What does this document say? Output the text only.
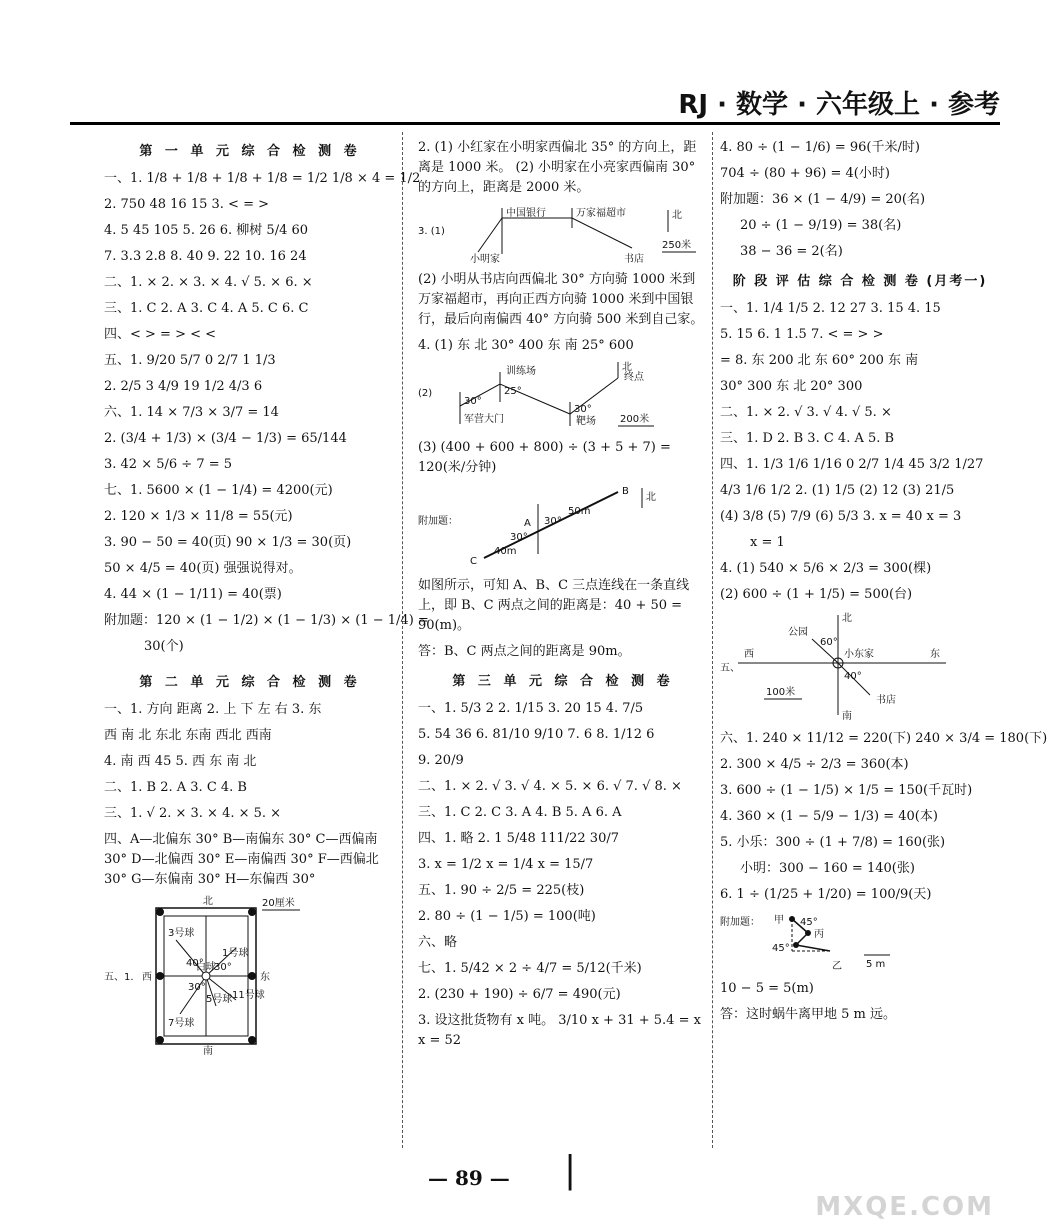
RJ · 数学 · 六年级上 · 参考
第 一 单 元 综 合 检 测 卷
一、1. 1/8 + 1/8 + 1/8 + 1/8 = 1/2 1/8 × 4 = 1/2
2. 750 48 16 15 3. < = >
4. 5 45 105 5. 26 6. 柳树 5/4 60
7. 3.3 2.8 8. 40 9. 22 10. 16 24
二、1. × 2. × 3. × 4. √ 5. × 6. ×
三、1. C 2. A 3. C 4. A 5. C 6. C
四、< > = > < <
五、1. 9/20 5/7 0 2/7 1 1/3
2. 2/5 3 4/9 19 1/2 4/3 6
六、1. 14 × 7/3 × 3/7 = 14
2. (3/4 + 1/3) × (3/4 − 1/3) = 65/144
3. 42 × 5/6 ÷ 7 = 5
七、1. 5600 × (1 − 1/4) = 4200(元)
2. 120 × 1/3 × 11/8 = 55(元)
3. 90 − 50 = 40(页) 90 × 1/3 = 30(页)
50 × 4/5 = 40(页) 强强说得对。
4. 44 × (1 − 1/11) = 40(票)
附加题：120 × (1 − 1/2) × (1 − 1/3) × (1 − 1/4) =
30(个)
第 二 单 元 综 合 检 测 卷
一、1. 方向 距离 2. 上 下 左 右 3. 东
西 南 北 东北 东南 西北 西南
4. 南 西 45 5. 西 东 南 北
二、1. B 2. A 3. C 4. B
三、1. √ 2. × 3. × 4. × 5. ×
四、A—北偏东 30° B—南偏东 30° C—西偏南 30° D—北偏西 30° E—南偏西 30° F—西偏北 30° G—东偏南 30° H—东偏西 30°
五、1.
北
南
西	东
20厘米
白球
1号球
3号球
5号球
7号球
11号球
40° 30°
30°
2. (1) 小红家在小明家西偏北 35° 的方向上，距离是 1000 米。 (2) 小明家在小亮家西偏南 30° 的方向上，距离是 2000 米。
3. (1)
中国银行	万家福超市
小明家	书店
北
250米
(2) 小明从书店向西偏北 30° 方向骑 1000 米到万家福超市，再向正西方向骑 1000 米到中国银行，最后向南偏西 40° 方向骑 500 米到自己家。
4. (1) 东 北 30° 400 东 南 25° 600
(2)
训练场
终点
军营大门	靶场
25°
30°
30°
北
200米
(3) (400 + 600 + 800) ÷ (3 + 5 + 7) = 120(米/分钟)
附加题：	A
B
C
30°
30°
50m
40m
北
如图所示，可知 A、B、C 三点连线在一条直线上，即 B、C 两点之间的距离是：40 + 50 = 90(m)。
答：B、C 两点之间的距离是 90m。
第 三 单 元 综 合 检 测 卷
一、1. 5/3 2 2. 1/15 3. 20 15 4. 7/5
5. 54 36 6. 81/10 9/10 7. 6 8. 1/12 6
9. 20/9
二、1. × 2. √ 3. √ 4. × 5. × 6. √ 7. √ 8. ×
三、1. C 2. C 3. A 4. B 5. A 6. A
四、1. 略 2. 1 5/48 111/22 30/7
3. x = 1/2 x = 1/4 x = 15/7
五、1. 90 ÷ 2/5 = 225(枝)
2. 80 ÷ (1 − 1/5) = 100(吨)
六、略
七、1. 5/42 × 2 ÷ 4/7 = 5/12(千米)
2. (230 + 190) ÷ 6/7 = 490(元)
3. 设这批货物有 x 吨。 3/10 x + 31 + 5.4 = x x = 52
4. 80 ÷ (1 − 1/6) = 96(千米/时)
704 ÷ (80 + 96) = 4(小时)
附加题：36 × (1 − 4/9) = 20(名)
20 ÷ (1 − 9/19) = 38(名)
38 − 36 = 2(名)
阶 段 评 估 综 合 检 测 卷 (月考一)
一、1. 1/4 1/5 2. 12 27 3. 15 4. 15
5. 15 6. 1 1.5 7. < = > >
= 8. 东 200 北 东 60° 200 东 南
30° 300 东 北 20° 300
二、1. × 2. √ 3. √ 4. √ 5. ×
三、1. D 2. B 3. C 4. A 5. B
四、1. 1/3 1/6 1/16 0 2/7 1/4 45 3/2 1/27
4/3 1/6 1/2 2. (1) 1/5 (2) 12 (3) 21/5
(4) 3/8 (5) 7/9 (6) 5/3 3. x = 40 x = 3
x = 1
4. (1) 540 × 5/6 × 2/3 = 300(棵)
(2) 600 ÷ (1 + 1/5) = 500(台)
五、
北
南
西	东
小东家
公园
书店
60°
40°
100米
六、1. 240 × 11/12 = 220(下) 240 × 3/4 = 180(下)
2. 300 × 4/5 ÷ 2/3 = 360(本)
3. 600 ÷ (1 − 1/5) × 1/5 = 150(千瓦时)
4. 360 × (1 − 5/9 − 1/3) = 40(本)
5. 小乐：300 ÷ (1 + 7/8) = 160(张)
小明：300 − 160 = 140(张)
6. 1 ÷ (1/25 + 1/20) = 100/9(天)
附加题： 甲
乙
丙
45°
45°
5 m
10 − 5 = 5(m)
答：这时蜗牛离甲地 5 m 远。
— 89 — |
MXQE.COM
